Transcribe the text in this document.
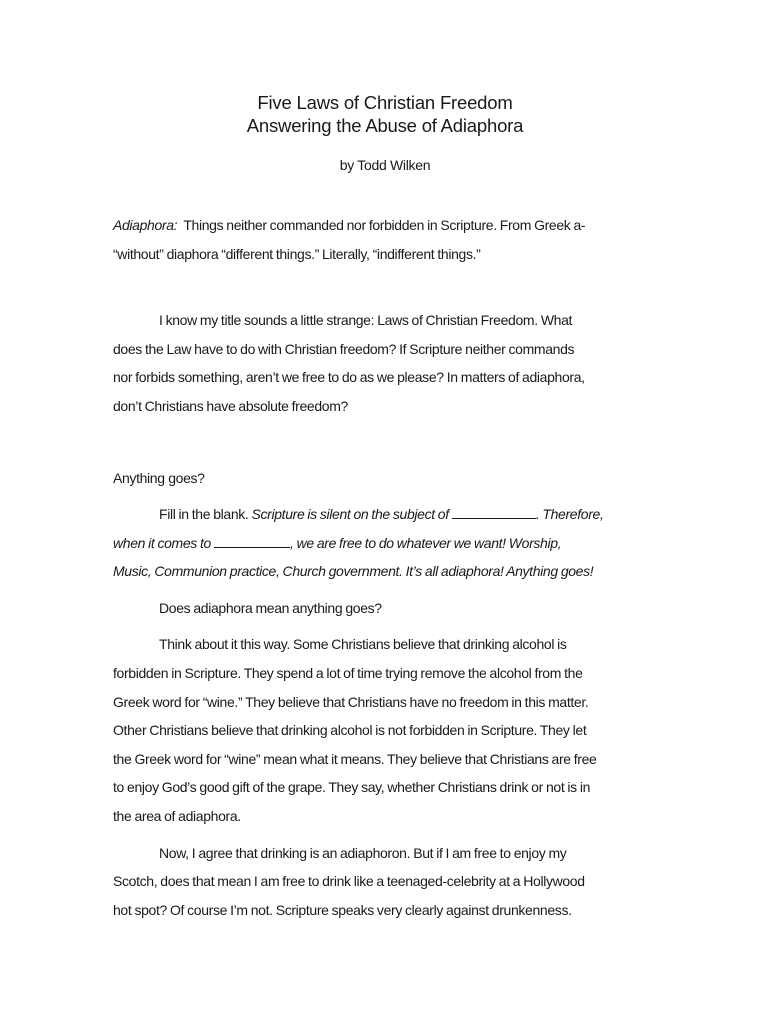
Five Laws of Christian Freedom
Answering the Abuse of Adiaphora
by Todd Wilken
Adiaphora: Things neither commanded nor forbidden in Scripture. From Greek a-
“without” diaphora “different things.” Literally, “indifferent things.”
I know my title sounds a little strange: Laws of Christian Freedom. What
does the Law have to do with Christian freedom? If Scripture neither commands
nor forbids something, aren’t we free to do as we please? In matters of adiaphora,
don’t Christians have absolute freedom?
Anything goes?
Fill in the blank. Scripture is silent on the subject of	. Therefore,
when it comes to	, we are free to do whatever we want! Worship,
Music, Communion practice, Church government. It’s all adiaphora! Anything goes!
Does adiaphora mean anything goes?
Think about it this way. Some Christians believe that drinking alcohol is
forbidden in Scripture. They spend a lot of time trying remove the alcohol from the
Greek word for “wine.” They believe that Christians have no freedom in this matter.
Other Christians believe that drinking alcohol is not forbidden in Scripture. They let
the Greek word for “wine” mean what it means. They believe that Christians are free
to enjoy God’s good gift of the grape. They say, whether Christians drink or not is in
the area of adiaphora.
Now, I agree that drinking is an adiaphoron. But if I am free to enjoy my
Scotch, does that mean I am free to drink like a teenaged-celebrity at a Hollywood
hot spot? Of course I’m not. Scripture speaks very clearly against drunkenness.
